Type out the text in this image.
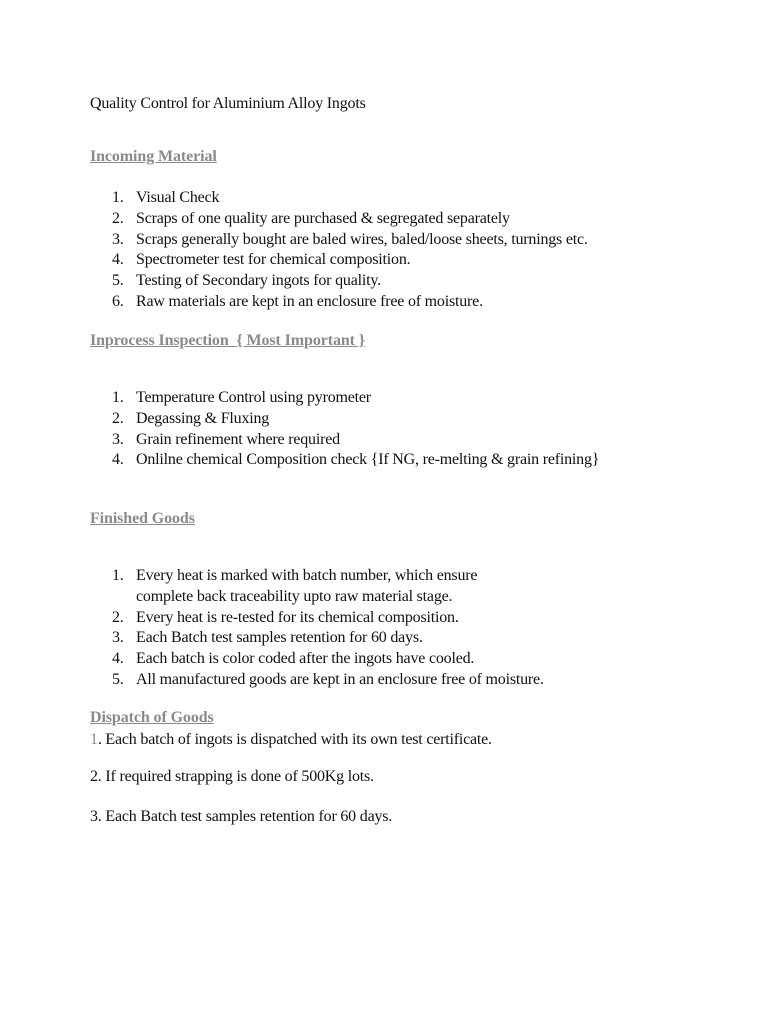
Quality Control for Aluminium Alloy Ingots
Incoming Material
1. Visual Check
2. Scraps of one quality are purchased & segregated separately
3. Scraps generally bought are baled wires, baled/loose sheets, turnings etc.
4. Spectrometer test for chemical composition.
5. Testing of Secondary ingots for quality.
6. Raw materials are kept in an enclosure free of moisture.
Inprocess Inspection  { Most Important }
1. Temperature Control using pyrometer
2. Degassing & Fluxing
3. Grain refinement where required
4. Onlilne chemical Composition check {If NG, re-melting & grain refining}
Finished Goods
1. Every heat is marked with batch number, which ensure
complete back traceability upto raw material stage.
2. Every heat is re-tested for its chemical composition.
3. Each Batch test samples retention for 60 days.
4. Each batch is color coded after the ingots have cooled.
5. All manufactured goods are kept in an enclosure free of moisture.
Dispatch of Goods
1. Each batch of ingots is dispatched with its own test certificate.
2. If required strapping is done of 500Kg lots.
3. Each Batch test samples retention for 60 days.
